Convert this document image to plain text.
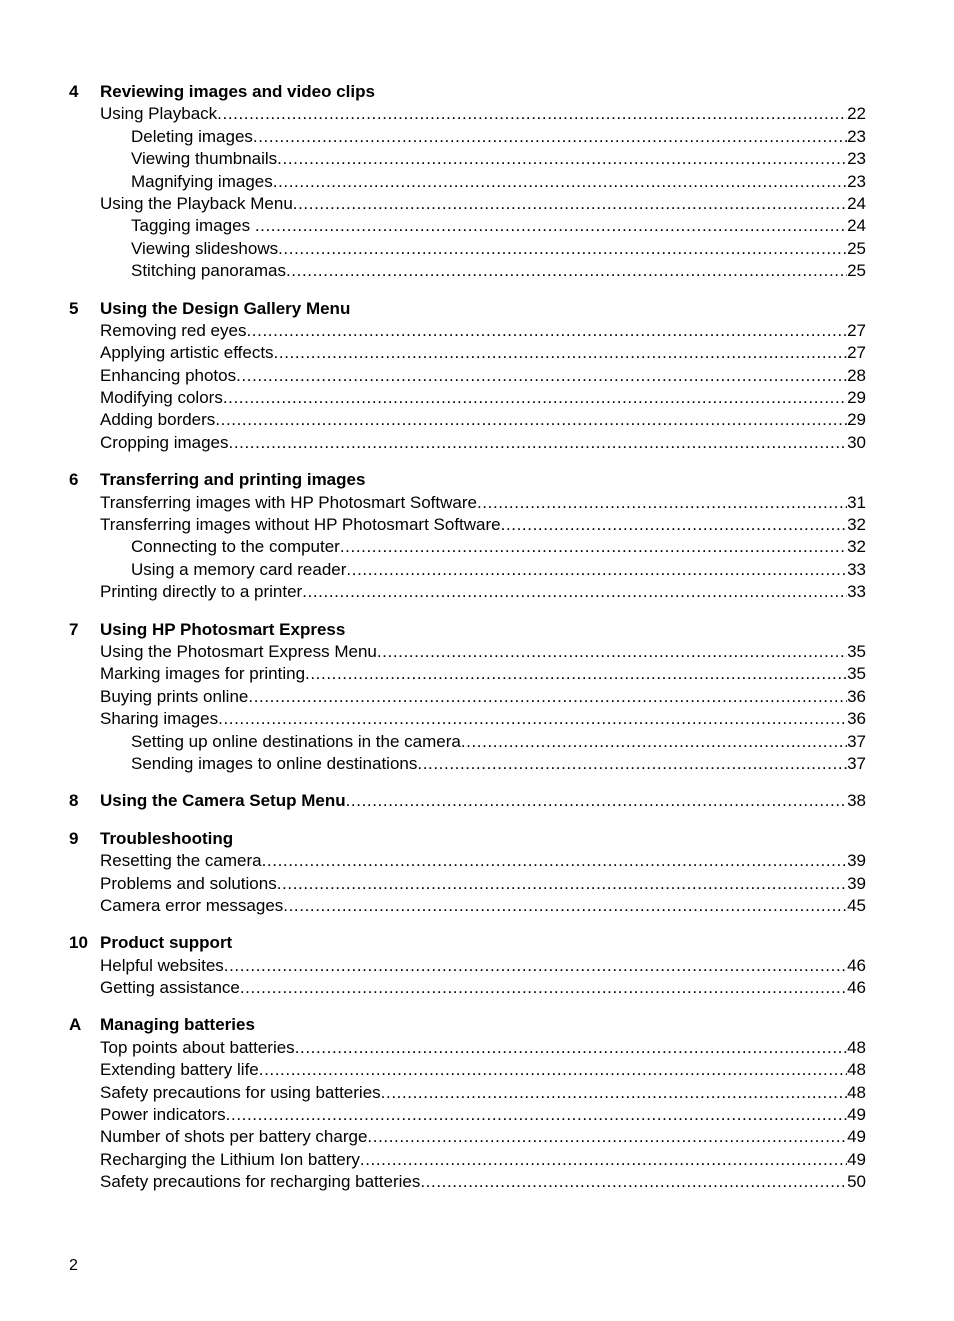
4	Reviewing images and video clips
Using Playback .....	22
Deleting images .....	23
Viewing thumbnails .....	23
Magnifying images .....	23
Using the Playback Menu .....	24
Tagging images .....	24
Viewing slideshows .....	25
Stitching panoramas .....	25
5	Using the Design Gallery Menu
Removing red eyes .....	27
Applying artistic effects .....	27
Enhancing photos .....	28
Modifying colors .....	29
Adding borders .....	29
Cropping images .....	30
6	Transferring and printing images
Transferring images with HP Photosmart Software .....	31
Transferring images without HP Photosmart Software .....	32
Connecting to the computer .....	32
Using a memory card reader .....	33
Printing directly to a printer .....	33
7	Using HP Photosmart Express
Using the Photosmart Express Menu .....	35
Marking images for printing .....	35
Buying prints online .....	36
Sharing images .....	36
Setting up online destinations in the camera .....	37
Sending images to online destinations .....	37
8	Using the Camera Setup Menu .....	38
9	Troubleshooting
Resetting the camera .....	39
Problems and solutions .....	39
Camera error messages .....	45
10 Product support
Helpful websites .....	46
Getting assistance .....	46
A	Managing batteries
Top points about batteries .....	48
Extending battery life .....	48
Safety precautions for using batteries .....	48
Power indicators .....	49
Number of shots per battery charge .....	49
Recharging the Lithium Ion battery .....	49
Safety precautions for recharging batteries .....	50
2
